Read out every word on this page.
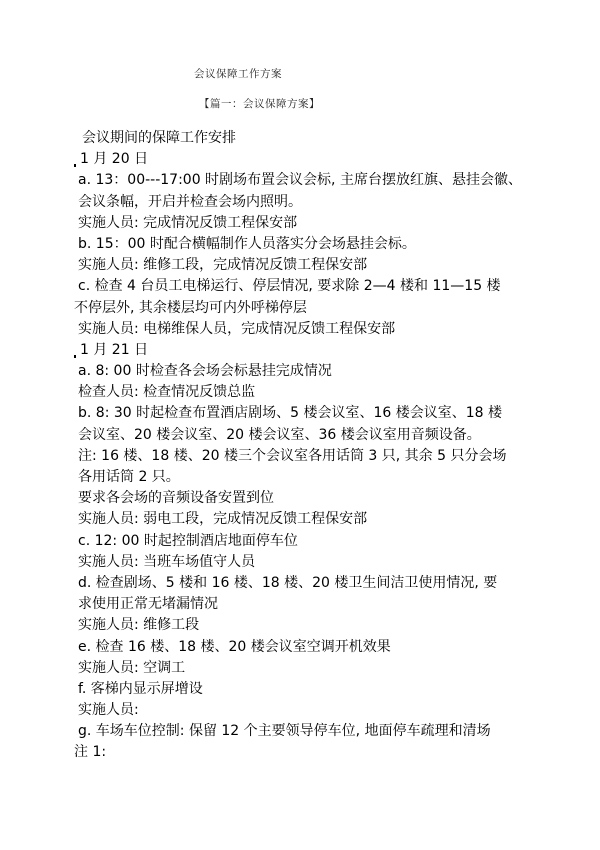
会议保障工作方案
【篇一：会议保障方案】
会议期间的保障工作安排
1 月 20 日
a. 13：00---17:00 时剧场布置会议会标, 主席台摆放红旗、悬挂会徽、
会议条幅，开启并检查会场内照明。
实施人员: 完成情况反馈工程保安部
b. 15：00 时配合横幅制作人员落实分会场悬挂会标。
实施人员: 维修工段，完成情况反馈工程保安部
c. 检查 4 台员工电梯运行、停层情况, 要求除 2—4 楼和 11—15 楼
不停层外, 其余楼层均可内外呼梯停层
实施人员: 电梯维保人员，完成情况反馈工程保安部
1 月 21 日
a. 8: 00 时检查各会场会标悬挂完成情况
检查人员: 检查情况反馈总监
b. 8: 30 时起检查布置酒店剧场、5 楼会议室、16 楼会议室、18 楼
会议室、20 楼会议室、20 楼会议室、36 楼会议室用音频设备。
注: 16 楼、18 楼、20 楼三个会议室各用话筒 3 只, 其余 5 只分会场
各用话筒 2 只。
要求各会场的音频设备安置到位
实施人员: 弱电工段，完成情况反馈工程保安部
c. 12: 00 时起控制酒店地面停车位
实施人员: 当班车场值守人员
d. 检查剧场、5 楼和 16 楼、18 楼、20 楼卫生间洁卫使用情况, 要
求使用正常无堵漏情况
实施人员: 维修工段
e. 检查 16 楼、18 楼、20 楼会议室空调开机效果
实施人员: 空调工
f. 客梯内显示屏增设
实施人员:
g. 车场车位控制: 保留 12 个主要领导停车位, 地面停车疏理和清场
注 1:
